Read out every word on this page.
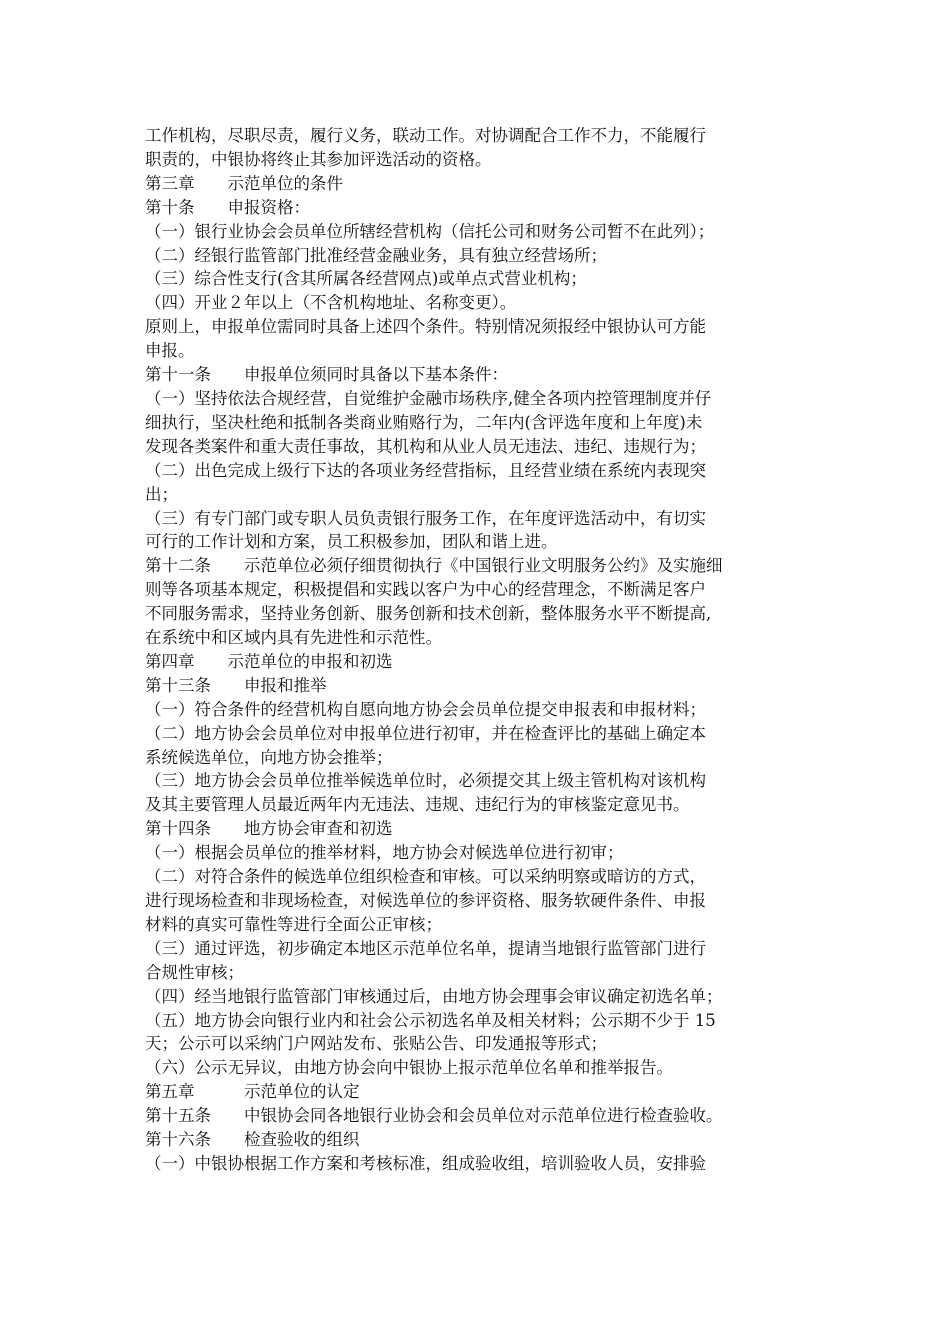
工作机构，尽职尽责，履行义务，联动工作。对协调配合工作不力，不能履行
职责的，中银协将终止其参加评选活动的资格。
第三章　　示范单位的条件
第十条　　申报资格：
（一）银行业协会会员单位所辖经营机构（信托公司和财务公司暂不在此列）；
（二）经银行监管部门批准经营金融业务，具有独立经营场所；
（三）综合性支行(含其所属各经营网点)或单点式营业机构；
（四）开业２年以上（不含机构地址、名称变更）。
原则上，申报单位需同时具备上述四个条件。特别情况须报经中银协认可方能
申报。
第十一条　　申报单位须同时具备以下基本条件：
（一）坚持依法合规经营，自觉维护金融市场秩序,健全各项内控管理制度并仔
细执行，坚决杜绝和抵制各类商业贿赂行为，二年内(含评选年度和上年度)未
发现各类案件和重大责任事故，其机构和从业人员无违法、违纪、违规行为；
（二）出色完成上级行下达的各项业务经营指标，且经营业绩在系统内表现突
出；
（三）有专门部门或专职人员负责银行服务工作，在年度评选活动中，有切实
可行的工作计划和方案，员工积极参加，团队和谐上进。
第十二条　　示范单位必须仔细贯彻执行《中国银行业文明服务公约》及实施细
则等各项基本规定，积极提倡和实践以客户为中心的经营理念，不断满足客户
不同服务需求，坚持业务创新、服务创新和技术创新，整体服务水平不断提高,
在系统中和区域内具有先进性和示范性。
第四章　　示范单位的申报和初选
第十三条　　申报和推举
（一）符合条件的经营机构自愿向地方协会会员单位提交申报表和申报材料；
（二）地方协会会员单位对申报单位进行初审，并在检查评比的基础上确定本
系统候选单位，向地方协会推举；
（三）地方协会会员单位推举候选单位时，必须提交其上级主管机构对该机构
及其主要管理人员最近两年内无违法、违规、违纪行为的审核鉴定意见书。
第十四条　　地方协会审查和初选
（一）根据会员单位的推举材料，地方协会对候选单位进行初审；
（二）对符合条件的候选单位组织检查和审核。可以采纳明察或暗访的方式，
进行现场检查和非现场检查，对候选单位的参评资格、服务软硬件条件、申报
材料的真实可靠性等进行全面公正审核；
（三）通过评选，初步确定本地区示范单位名单，提请当地银行监管部门进行
合规性审核；
（四）经当地银行监管部门审核通过后，由地方协会理事会审议确定初选名单；
（五）地方协会向银行业内和社会公示初选名单及相关材料；公示期不少于 15
天；公示可以采纳门户网站发布、张贴公告、印发通报等形式；
（六）公示无异议，由地方协会向中银协上报示范单位名单和推举报告。
第五章　　　示范单位的认定
第十五条　　中银协会同各地银行业协会和会员单位对示范单位进行检查验收。
第十六条　　检查验收的组织
（一）中银协根据工作方案和考核标准，组成验收组，培训验收人员，安排验
